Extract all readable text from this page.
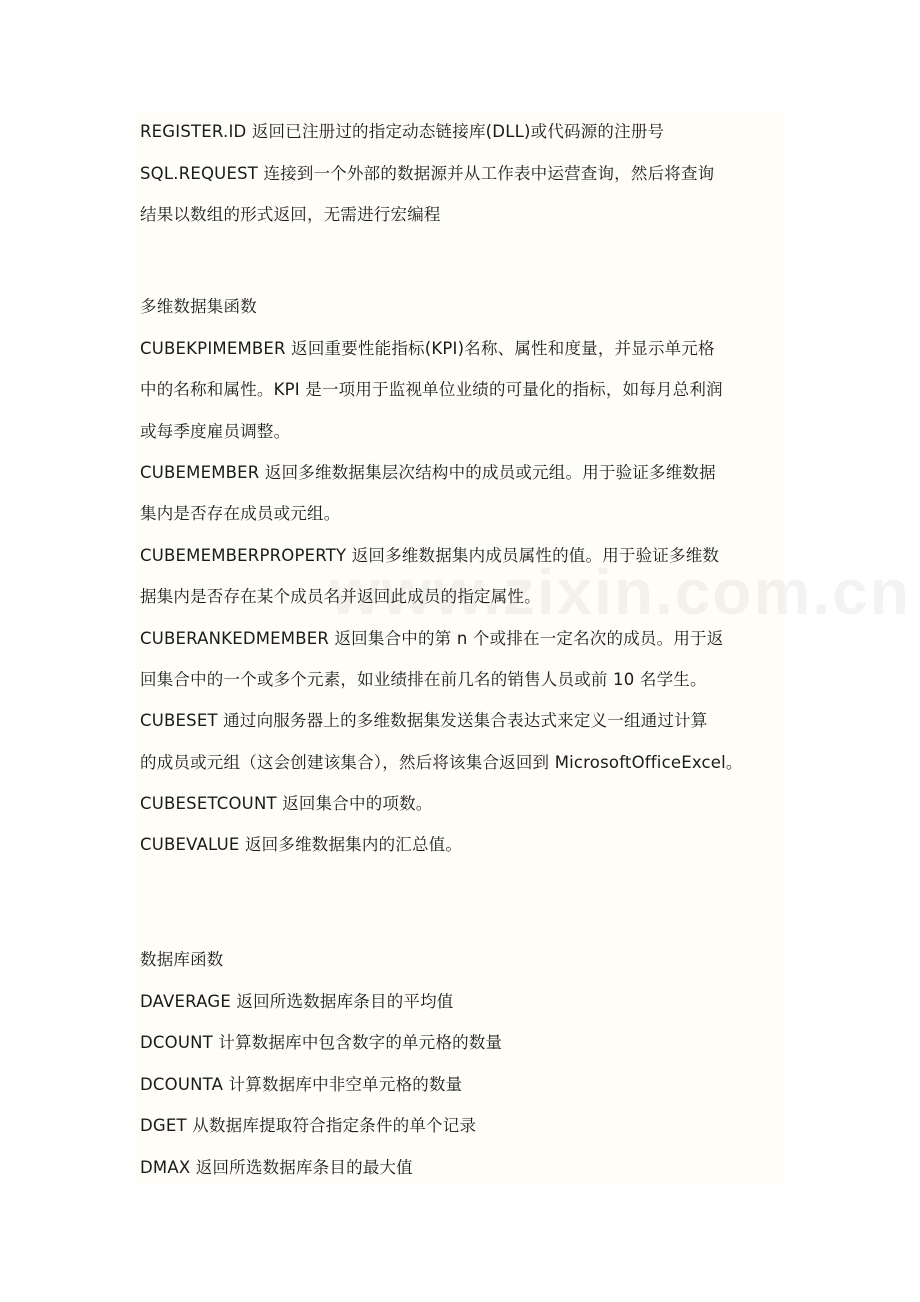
REGISTER.ID 返回已注册过的指定动态链接库(DLL)或代码源的注册号
SQL.REQUEST 连接到一个外部的数据源并从工作表中运营查询，然后将查询
结果以数组的形式返回，无需进行宏编程
多维数据集函数
CUBEKPIMEMBER 返回重要性能指标(KPI)名称、属性和度量，并显示单元格
中的名称和属性。KPI 是一项用于监视单位业绩的可量化的指标，如每月总利润
或每季度雇员调整。
CUBEMEMBER 返回多维数据集层次结构中的成员或元组。用于验证多维数据
集内是否存在成员或元组。
CUBEMEMBERPROPERTY 返回多维数据集内成员属性的值。用于验证多维数
据集内是否存在某个成员名并返回此成员的指定属性。
CUBERANKEDMEMBER 返回集合中的第 n 个或排在一定名次的成员。用于返
回集合中的一个或多个元素，如业绩排在前几名的销售人员或前 10 名学生。
CUBESET 通过向服务器上的多维数据集发送集合表达式来定义一组通过计算
的成员或元组（这会创建该集合），然后将该集合返回到 MicrosoftOfficeExcel。
CUBESETCOUNT 返回集合中的项数。
CUBEVALUE 返回多维数据集内的汇总值。
数据库函数
DAVERAGE 返回所选数据库条目的平均值
DCOUNT 计算数据库中包含数字的单元格的数量
DCOUNTA 计算数据库中非空单元格的数量
DGET 从数据库提取符合指定条件的单个记录
DMAX 返回所选数据库条目的最大值
